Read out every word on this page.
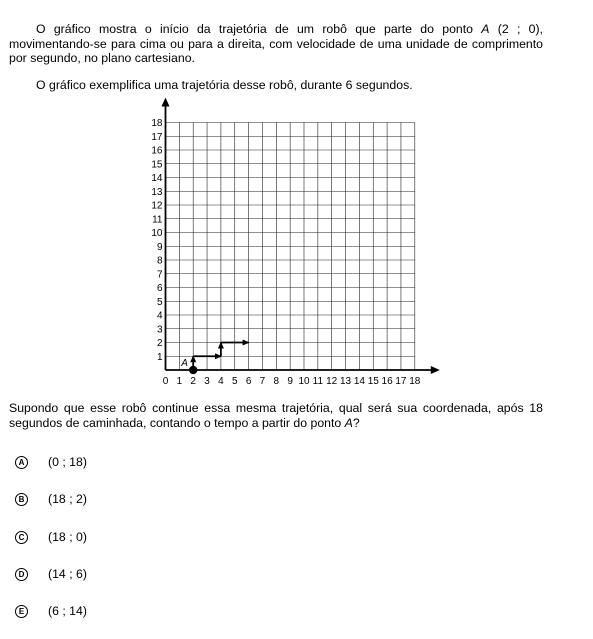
O gráfico mostra o início da trajetória de um robô que parte do ponto A (2 ; 0), movimentando-se para cima ou para a direita, com velocidade de uma unidade de comprimento por segundo, no plano cartesiano.
O gráfico exemplifica uma trajetória desse robô, durante 6 segundos.
0 1 2 3 4 5 6 7 8 9 10 11 12 13 14 15 16 17 18
1
2
3
4
5
6
7
8
9
10
11
12
13
14
15
16
17
18
A
Supondo que esse robô continue essa mesma trajetória, qual será sua coordenada, após 18 segundos de caminhada, contando o tempo a partir do ponto A?
A (0 ; 18)
B (18 ; 2)
C (18 ; 0)
D (14 ; 6)
E	(6 ; 14)
